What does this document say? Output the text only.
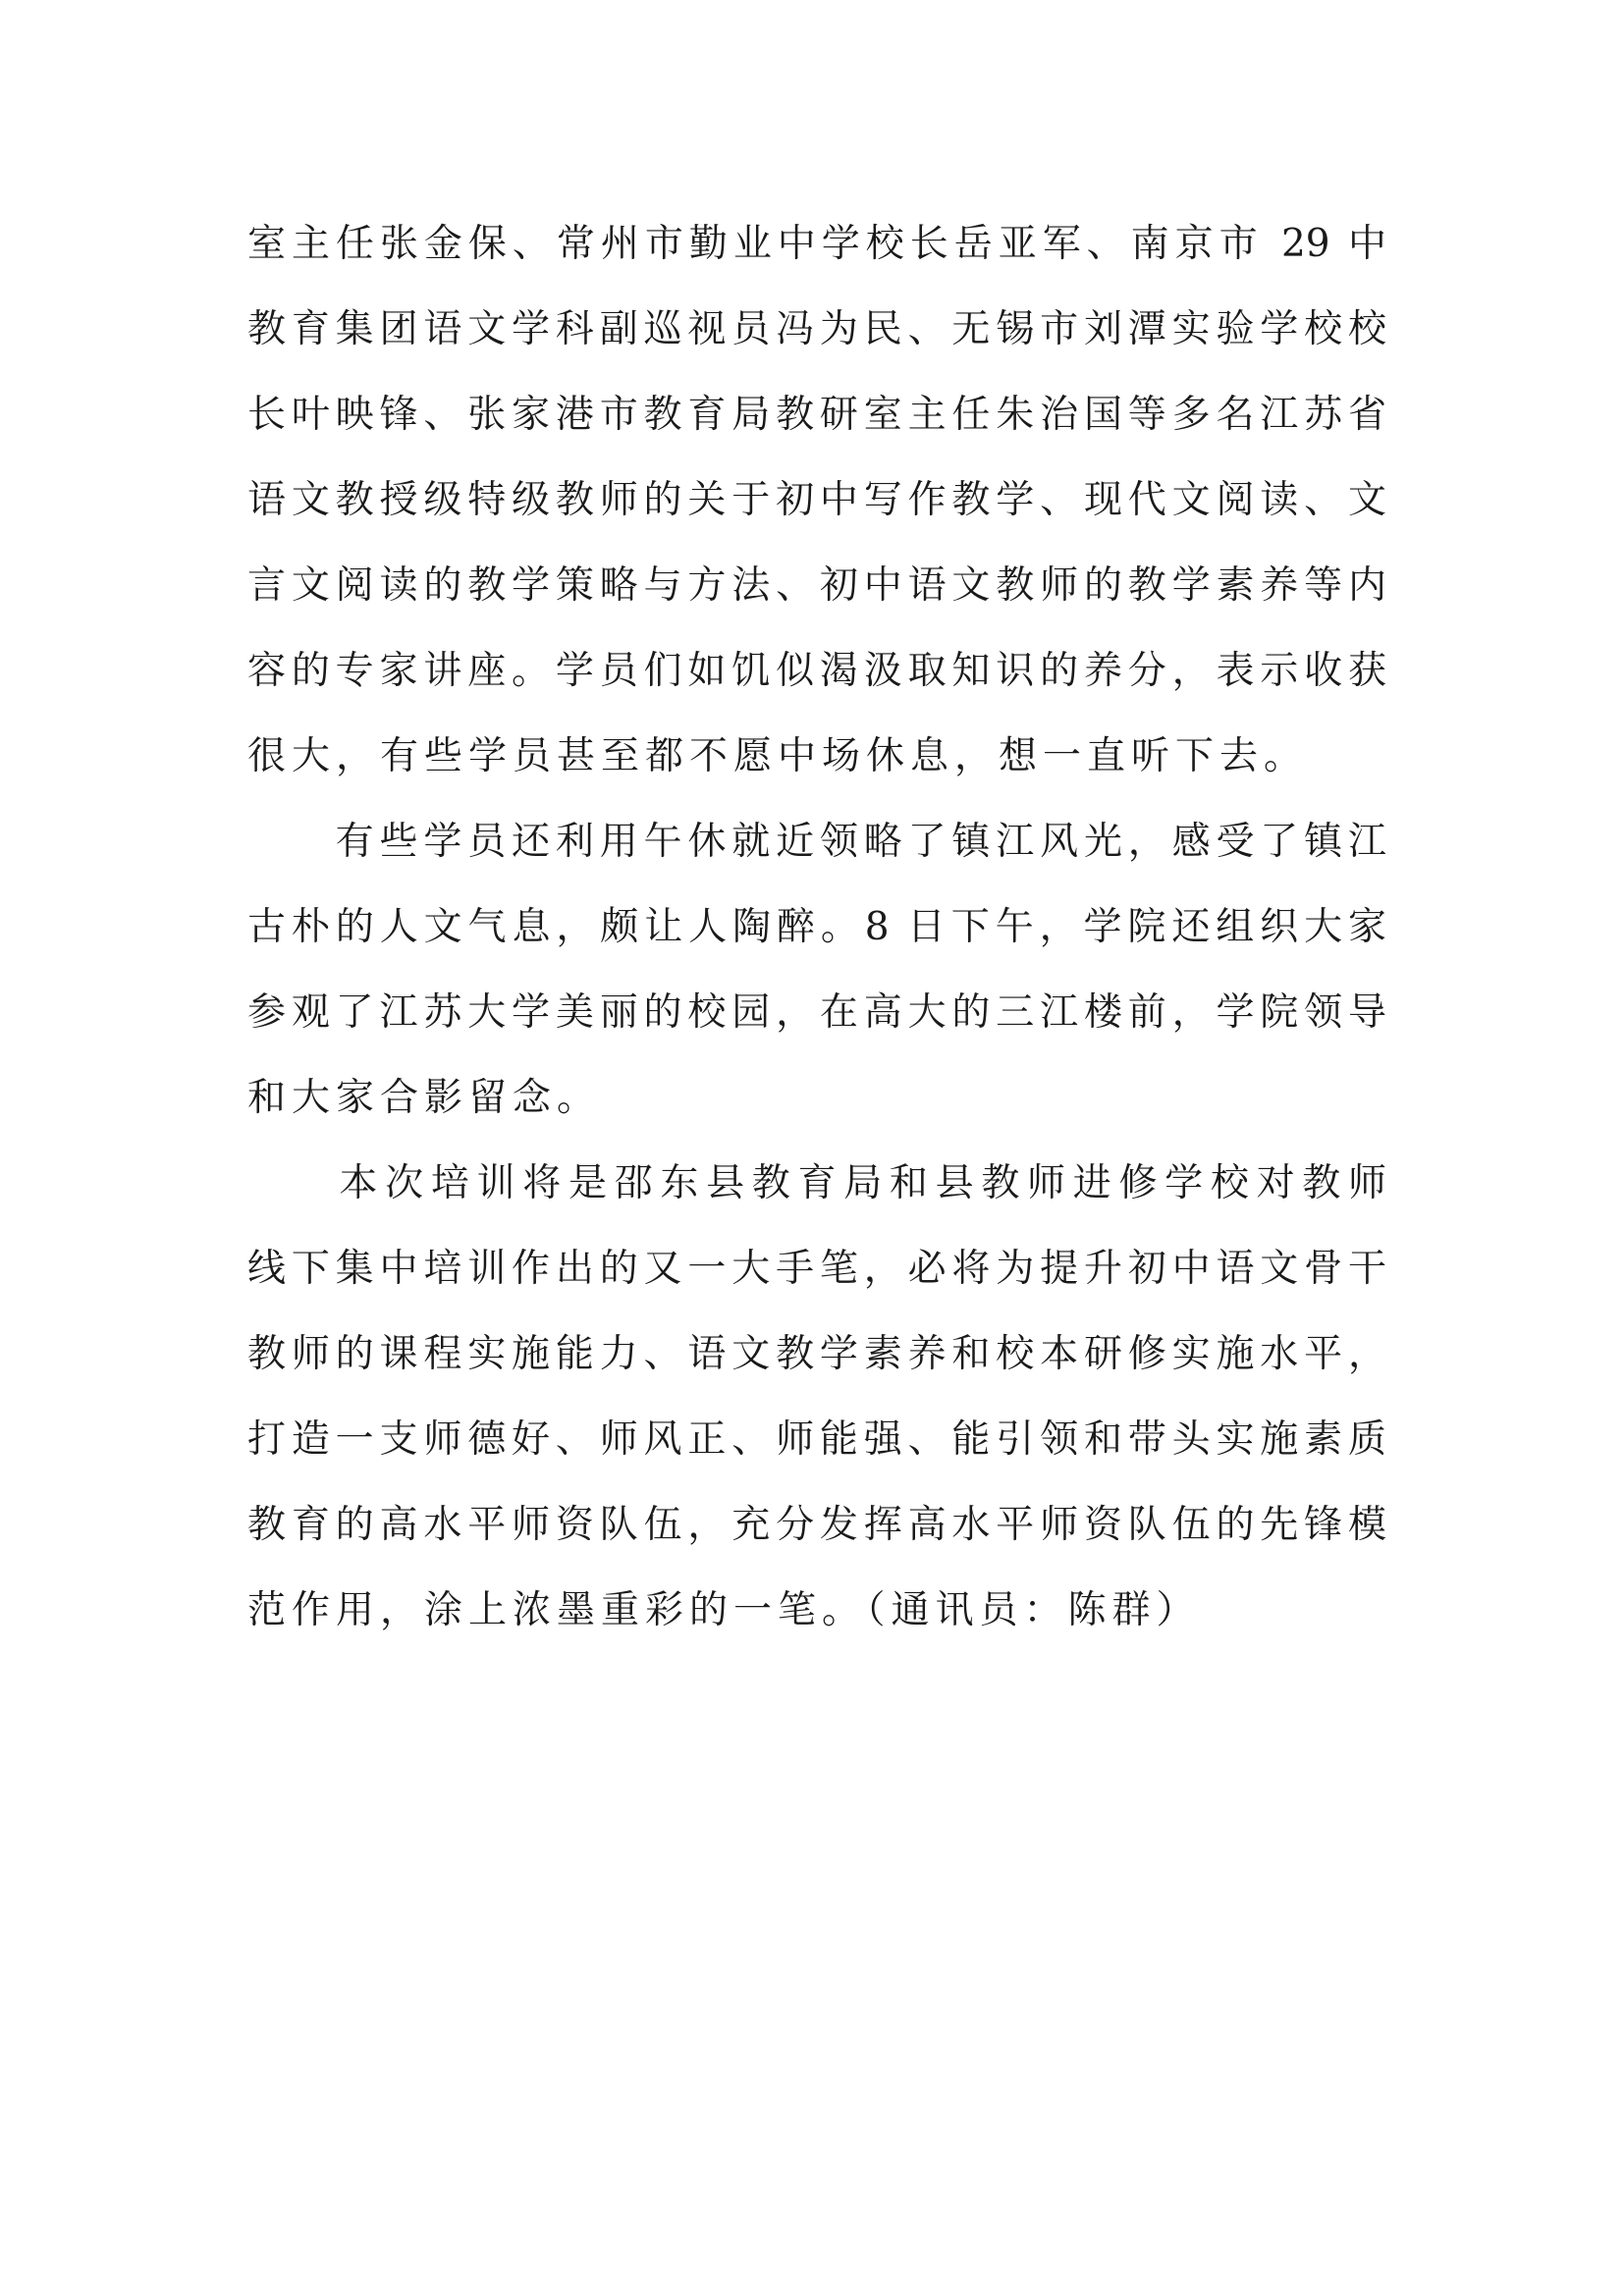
室主任张金保、常州市勤业中学校长岳亚军、南京市 29 中
教育集团语文学科副巡视员冯为民、无锡市刘潭实验学校校
长叶映锋、张家港市教育局教研室主任朱治国等多名江苏省
语文教授级特级教师的关于初中写作教学、现代文阅读、文
言文阅读的教学策略与方法、初中语文教师的教学素养等内
容的专家讲座。学员们如饥似渴汲取知识的养分，表示收获
很大，有些学员甚至都不愿中场休息，想一直听下去。
　　有些学员还利用午休就近领略了镇江风光，感受了镇江
古朴的人文气息，颇让人陶醉。8 日下午，学院还组织大家
参观了江苏大学美丽的校园，在高大的三江楼前，学院领导
和大家合影留念。
　　本次培训将是邵东县教育局和县教师进修学校对教师
线下集中培训作出的又一大手笔，必将为提升初中语文骨干
教师的课程实施能力、语文教学素养和校本研修实施水平，
打造一支师德好、师风正、师能强、能引领和带头实施素质
教育的高水平师资队伍，充分发挥高水平师资队伍的先锋模
范作用，涂上浓墨重彩的一笔。（通讯员：陈群）
